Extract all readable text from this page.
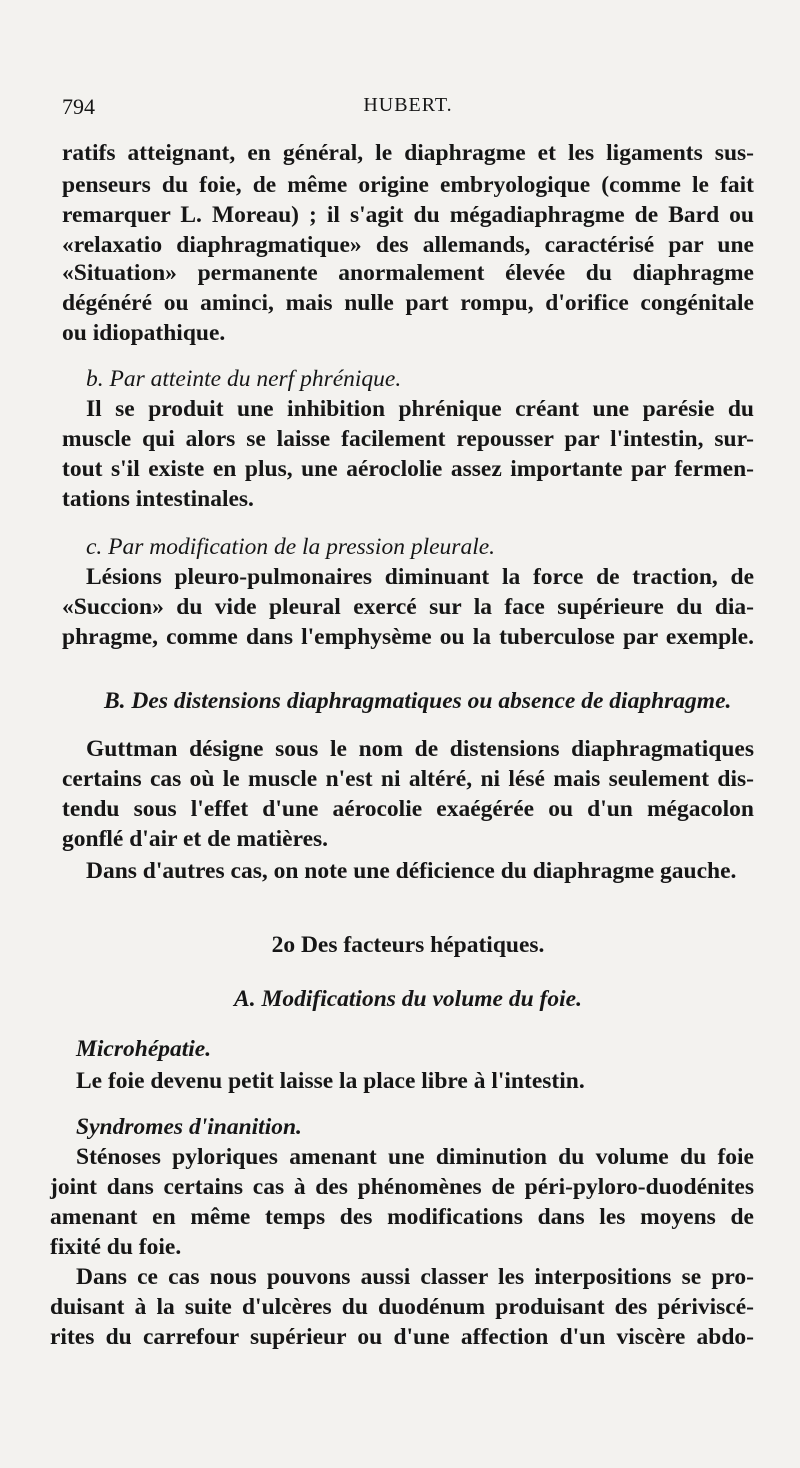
794	HUBERT.
ratifs atteignant, en général, le diaphragme et les ligaments sus-
penseurs du foie, de même origine embryologique (comme le fait
remarquer L. Moreau) ; il s'agit du mégadiaphragme de Bard ou
«relaxatio diaphragmatique» des allemands, caractérisé par une
«Situation» permanente anormalement élevée du diaphragme
dégénéré ou aminci, mais nulle part rompu, d'orifice congénitale
ou idiopathique.
b. Par atteinte du nerf phrénique.
Il se produit une inhibition phrénique créant une parésie du
muscle qui alors se laisse facilement repousser par l'intestin, sur-
tout s'il existe en plus, une aéroclolie assez importante par fermen-
tations intestinales.
c. Par modification de la pression pleurale.
Lésions pleuro-pulmonaires diminuant la force de traction, de
«Succion» du vide pleural exercé sur la face supérieure du dia-
phragme, comme dans l'emphysème ou la tuberculose par exemple.
B. Des distensions diaphragmatiques ou absence de diaphragme.
Guttman désigne sous le nom de distensions diaphragmatiques
certains cas où le muscle n'est ni altéré, ni lésé mais seulement dis-
tendu sous l'effet d'une aérocolie exaégérée ou d'un mégacolon
gonflé d'air et de matières.
Dans d'autres cas, on note une déficience du diaphragme gauche.
2o Des facteurs hépatiques.
A. Modifications du volume du foie.
Microhépatie.
Le foie devenu petit laisse la place libre à l'intestin.
Syndromes d'inanition.
Sténoses pyloriques amenant une diminution du volume du foie
joint dans certains cas à des phénomènes de péri-pyloro-duodénites
amenant en même temps des modifications dans les moyens de
fixité du foie.
Dans ce cas nous pouvons aussi classer les interpositions se pro-
duisant à la suite d'ulcères du duodénum produisant des périviscé-
rites du carrefour supérieur ou d'une affection d'un viscère abdo-
